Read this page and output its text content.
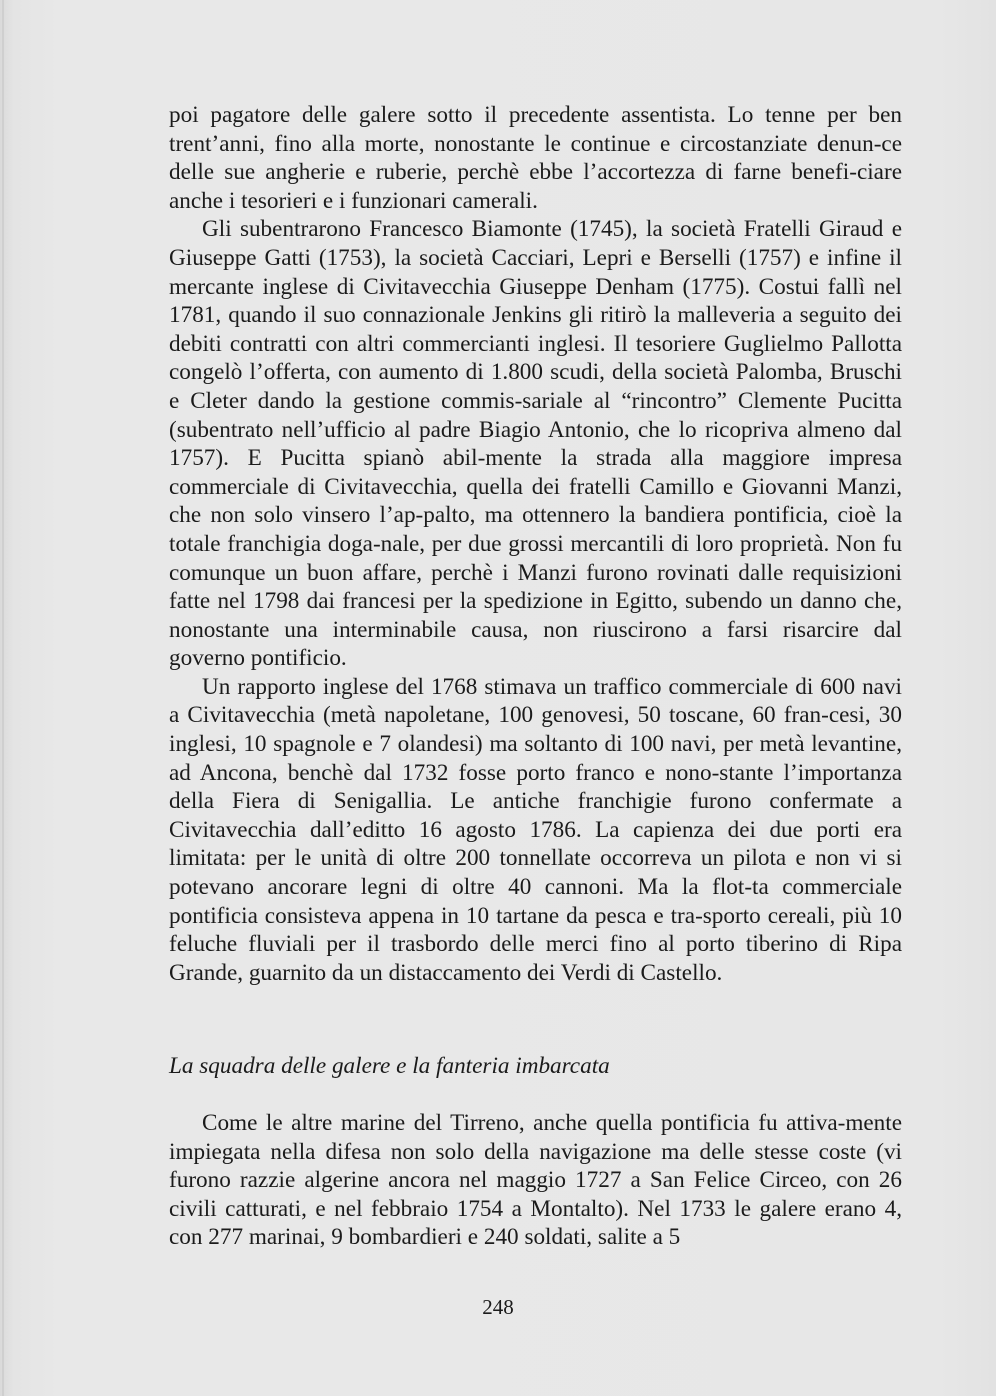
poi pagatore delle galere sotto il precedente assentista. Lo tenne per ben trent’anni, fino alla morte, nonostante le continue e circostanziate denun-ce delle sue angherie e ruberie, perchè ebbe l’accortezza di farne benefi-ciare anche i tesorieri e i funzionari camerali.

Gli subentrarono Francesco Biamonte (1745), la società Fratelli Giraud e Giuseppe Gatti (1753), la società Cacciari, Lepri e Berselli (1757) e infine il mercante inglese di Civitavecchia Giuseppe Denham (1775). Costui fallì nel 1781, quando il suo connazionale Jenkins gli ritirò la malleveria a seguito dei debiti contratti con altri commercianti inglesi. Il tesoriere Guglielmo Pallotta congelò l’offerta, con aumento di 1.800 scudi, della società Palomba, Bruschi e Cleter dando la gestione commis-sariale al “rincontro” Clemente Pucitta (subentrato nell’ufficio al padre Biagio Antonio, che lo ricopriva almeno dal 1757). E Pucitta spianò abil-mente la strada alla maggiore impresa commerciale di Civitavecchia, quella dei fratelli Camillo e Giovanni Manzi, che non solo vinsero l’ap-palto, ma ottennero la bandiera pontificia, cioè la totale franchigia doga-nale, per due grossi mercantili di loro proprietà. Non fu comunque un buon affare, perchè i Manzi furono rovinati dalle requisizioni fatte nel 1798 dai francesi per la spedizione in Egitto, subendo un danno che, nonostante una interminabile causa, non riuscirono a farsi risarcire dal governo pontificio.

Un rapporto inglese del 1768 stimava un traffico commerciale di 600 navi a Civitavecchia (metà napoletane, 100 genovesi, 50 toscane, 60 fran-cesi, 30 inglesi, 10 spagnole e 7 olandesi) ma soltanto di 100 navi, per metà levantine, ad Ancona, benchè dal 1732 fosse porto franco e nono-stante l’importanza della Fiera di Senigallia. Le antiche franchigie furono confermate a Civitavecchia dall’editto 16 agosto 1786. La capienza dei due porti era limitata: per le unità di oltre 200 tonnellate occorreva un pilota e non vi si potevano ancorare legni di oltre 40 cannoni. Ma la flot-ta commerciale pontificia consisteva appena in 10 tartane da pesca e tra-sporto cereali, più 10 feluche fluviali per il trasbordo delle merci fino al porto tiberino di Ripa Grande, guarnito da un distaccamento dei Verdi di Castello.

La squadra delle galere e la fanteria imbarcata

Come le altre marine del Tirreno, anche quella pontificia fu attiva-mente impiegata nella difesa non solo della navigazione ma delle stesse coste (vi furono razzie algerine ancora nel maggio 1727 a San Felice Circeo, con 26 civili catturati, e nel febbraio 1754 a Montalto). Nel 1733 le galere erano 4, con 277 marinai, 9 bombardieri e 240 soldati, salite a 5

248
